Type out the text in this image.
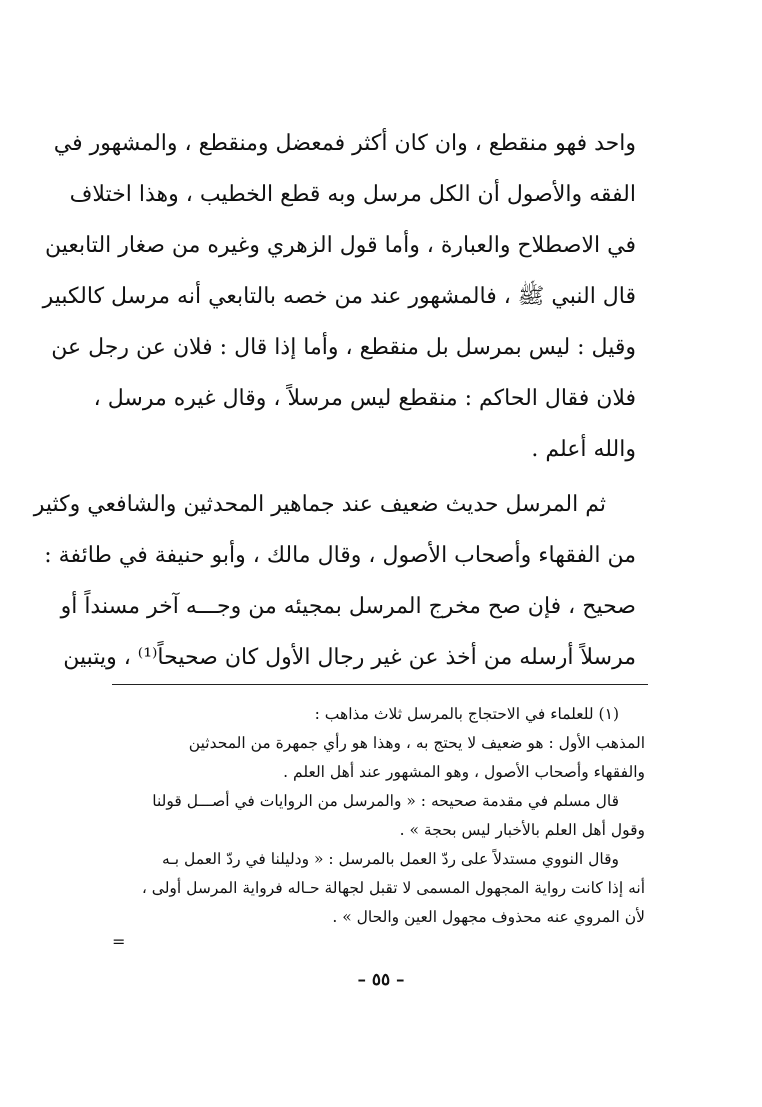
واحد فهو منقطع ، وان كان أكثر فمعضل ومنقطع ، والمشهور في
الفقه والأصول أن الكل مرسل وبه قطع الخطيب ، وهذا اختلاف
في الاصطلاح والعبارة ، وأما قول الزهري وغيره من صغار التابعين
قال النبي ﷺ ، فالمشهور عند من خصه بالتابعي أنه مرسل كالكبير
وقيل : ليس بمرسل بل منقطع ، وأما إذا قال : فلان عن رجل عن
فلان فقال الحاكم : منقطع ليس مرسلاً ، وقال غيره مرسل ،
والله أعلم .
ثم المرسل حديث ضعيف عند جماهير المحدثين والشافعي وكثير
من الفقهاء وأصحاب الأصول ، وقال مالك ، وأبو حنيفة في طائفة :
صحيح ، فإن صح مخرج المرسل بمجيئه من وجـــه آخر مسنداً أو
مرسلاً أرسله من أخذ عن غير رجال الأول كان صحيحاً⁽¹⁾ ، ويتبين
(١) للعلماء في الاحتجاج بالمرسل ثلاث مذاهب :
المذهب الأول : هو ضعيف لا يحتج به ، وهذا هو رأي جمهرة من المحدثين
والفقهاء وأصحاب الأصول ، وهو المشهور عند أهل العلم .
قال مسلم في مقدمة صحيحه : « والمرسل من الروايات في أصـــل قولنا
وقول أهل العلم بالأخبار ليس بحجة » .
وقال النووي مستدلاً على ردّ العمل بالمرسل : « ودليلنا في ردّ العمل بـه
أنه إذا كانت رواية المجهول المسمى لا تقبل لجهالة حـاله فرواية المرسل أولى ،
لأن المروي عنه محذوف مجهول العين والحال » .
=
– ٥٥ –
